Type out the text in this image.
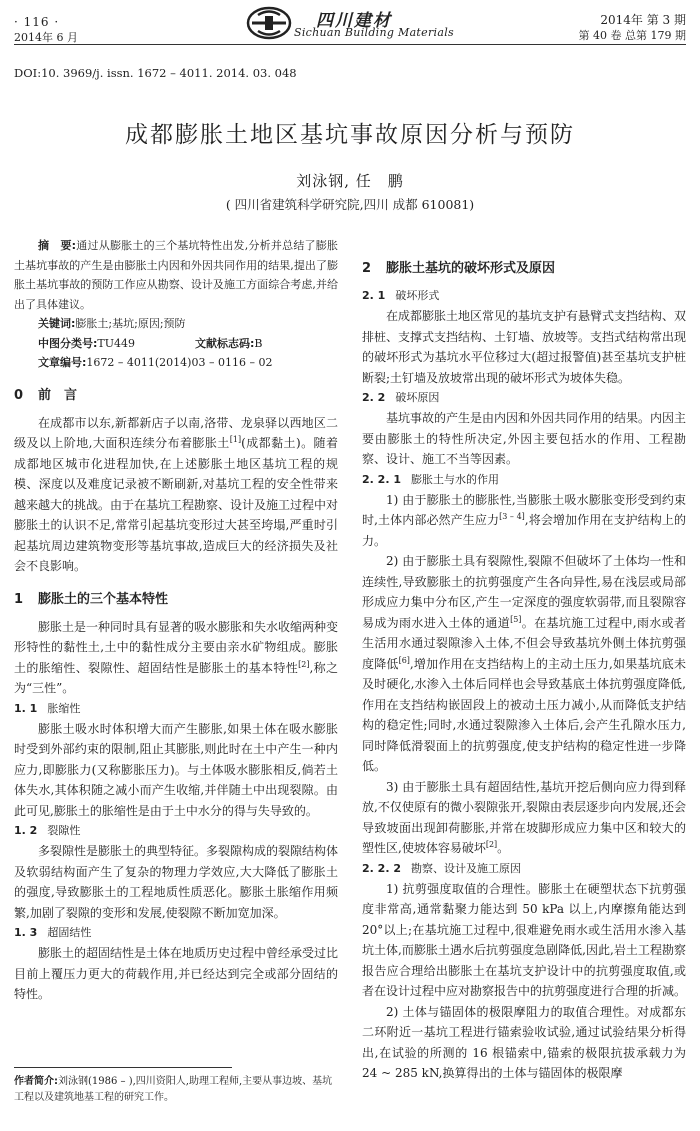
· 116 ·
2014年 6 月
四川建材
Sichuan Building Materials
2014年 第 3 期
第 40 卷 总第 179 期
DOI:10. 3969/j. issn. 1672 – 4011. 2014. 03. 048
成都膨胀土地区基坑事故原因分析与预防
刘泳钢, 任　鹏
( 四川省建筑科学研究院,四川 成都 610081)

摘　要:通过从膨胀土的三个基坑特性出发,分析并总结了膨胀土基坑事故的产生是由膨胀土内因和外因共同作用的结果,提出了膨胀土基坑事故的预防工作应从勘察、设计及施工方面综合考虑,并给出了具体建议。

关键词:膨胀土;基坑;原因;预防
中图分类号:TU449	文献标志码:B
文章编号:1672 – 4011(2014)03 – 0116 – 02
0 前　言

在成都市以东,新都新店子以南,洛带、龙泉驿以西地区二级及以上阶地,大面积连续分布着膨胀土[1](成都黏土)。随着成都地区城市化进程加快,在上述膨胀土地区基坑工程的规模、深度以及难度记录被不断刷新,对基坑工程的安全性带来越来越大的挑战。由于在基坑工程勘察、设计及施工过程中对膨胀土的认识不足,常常引起基坑变形过大甚至垮塌,严重时引起基坑周边建筑物变形等基坑事故,造成巨大的经济损失及社会不良影响。

1 膨胀土的三个基本特性

膨胀土是一种同时具有显著的吸水膨胀和失水收缩两种变形特性的黏性土,土中的黏性成分主要由亲水矿物组成。膨胀土的胀缩性、裂隙性、超固结性是膨胀土的基本特性[2],称之为“三性”。

1. 1 胀缩性

膨胀土吸水时体积增大而产生膨胀,如果土体在吸水膨胀时受到外部约束的限制,阻止其膨胀,则此时在土中产生一种内应力,即膨胀力(又称膨胀压力)。与土体吸水膨胀相反,倘若土体失水,其体积随之减小而产生收缩,并伴随土中出现裂隙。由此可见,膨胀土的胀缩性是由于土中水分的得与失导致的。

1. 2 裂隙性

多裂隙性是膨胀土的典型特征。多裂隙构成的裂隙结构体及软弱结构面产生了复杂的物理力学效应,大大降低了膨胀土的强度,导致膨胀土的工程地质性质恶化。膨胀土胀缩作用频繁,加剧了裂隙的变形和发展,使裂隙不断加宽加深。

1. 3 超固结性

膨胀土的超固结性是土体在地质历史过程中曾经承受过比目前上覆压力更大的荷载作用,并已经达到完全或部分固结的特性。

作者简介:刘泳钢(1986 – ),四川资阳人,助理工程师,主要从事边坡、基坑工程以及建筑地基工程的研究工作。
2 膨胀土基坑的破坏形式及原因
2. 1 破坏形式

在成都膨胀土地区常见的基坑支护有悬臂式支挡结构、双排桩、支撑式支挡结构、土钉墙、放坡等。支挡式结构常出现的破坏形式为基坑水平位移过大(超过报警值)甚至基坑支护桩断裂;土钉墙及放坡常出现的破坏形式为坡体失稳。

2. 2 破坏原因

基坑事故的产生是由内因和外因共同作用的结果。内因主要由膨胀土的特性所决定,外因主要包括水的作用、工程勘察、设计、施工不当等因素。

2. 2. 1 膨胀土与水的作用

1) 由于膨胀土的膨胀性,当膨胀土吸水膨胀变形受到约束时,土体内部必然产生应力[3 – 4],将会增加作用在支护结构上的力。

2) 由于膨胀土具有裂隙性,裂隙不但破坏了土体均一性和连续性,导致膨胀土的抗剪强度产生各向异性,易在浅层或局部形成应力集中分布区,产生一定深度的强度软弱带,而且裂隙容易成为雨水进入土体的通道[5]。在基坑施工过程中,雨水或者生活用水通过裂隙渗入土体,不但会导致基坑外侧土体抗剪强度降低[6],增加作用在支挡结构上的主动土压力,如果基坑底未及时硬化,水渗入土体后同样也会导致基底土体抗剪强度降低,作用在支挡结构嵌固段上的被动土压力减小,从而降低支护结构的稳定性;同时,水通过裂隙渗入土体后,会产生孔隙水压力,同时降低滑裂面上的抗剪强度,使支护结构的稳定性进一步降低。

3) 由于膨胀土具有超固结性,基坑开挖后侧向应力得到释放,不仅使原有的微小裂隙张开,裂隙由表层逐步向内发展,还会导致坡面出现卸荷膨胀,并常在坡脚形成应力集中区和较大的塑性区,使坡体容易破坏[2]。

2. 2. 2 勘察、设计及施工原因

1) 抗剪强度取值的合理性。膨胀土在硬塑状态下抗剪强度非常高,通常黏聚力能达到 50 kPa 以上,内摩擦角能达到 20°以上;在基坑施工过程中,很难避免雨水或生活用水渗入基坑土体,而膨胀土遇水后抗剪强度急剧降低,因此,岩土工程勘察报告应合理给出膨胀土在基坑支护设计中的抗剪强度取值,或者在设计过程中应对勘察报告中的抗剪强度进行合理的折减。

2) 土体与锚固体的极限摩阻力的取值合理性。对成都东二环附近一基坑工程进行锚索验收试验,通过试验结果分析得出,在试验的所测的 16 根锚索中,锚索的极限抗拔承载力为 24 ~ 285 kN,换算得出的土体与锚固体的极限摩
